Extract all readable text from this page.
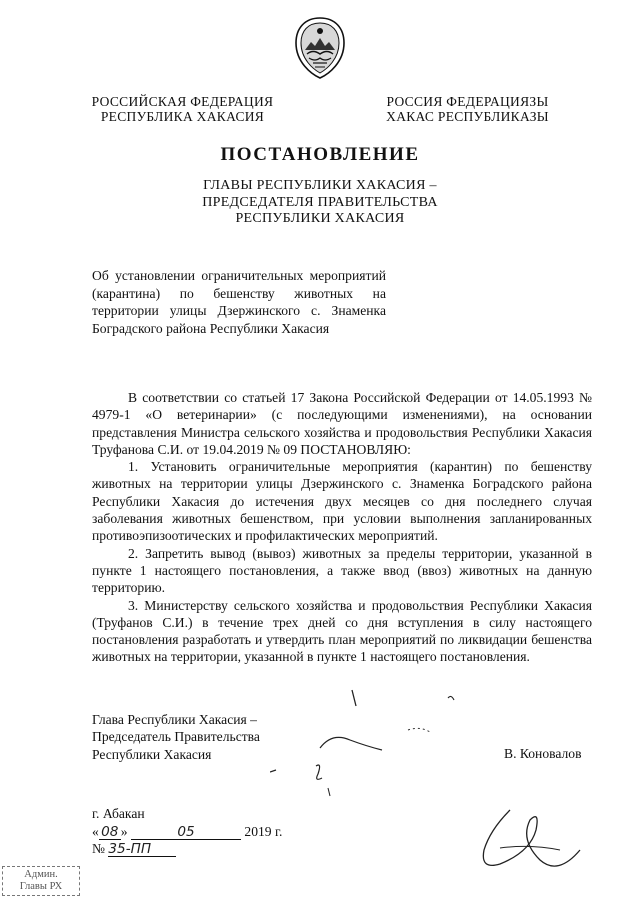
РОССИЙСКАЯ ФЕДЕРАЦИЯ
РЕСПУБЛИКА ХАКАСИЯ
РОССИЯ ФЕДЕРАЦИЯЗЫ
ХАКАС РЕСПУБЛИКАЗЫ
ПОСТАНОВЛЕНИЕ
ГЛАВЫ РЕСПУБЛИКИ ХАКАСИЯ –
ПРЕДСЕДАТЕЛЯ ПРАВИТЕЛЬСТВА
РЕСПУБЛИКИ ХАКАСИЯ

Об установлении ограничительных мероприятий (карантина) по бешенству животных на территории улицы Дзержинского с. Знаменка Боградского района Республики Хакасия

В соответствии со статьей 17 Закона Российской Федерации от 14.05.1993 № 4979-1 «О ветеринарии» (с последующими изменениями), на основании представления Министра сельского хозяйства и продовольствия Республики Хакасия Труфанова С.И. от 19.04.2019 № 09 ПОСТАНОВЛЯЮ:

1. Установить ограничительные мероприятия (карантин) по бешенству животных на территории улицы Дзержинского с. Знаменка Боградского района Республики Хакасия до истечения двух месяцев со дня последнего случая заболевания животных бешенством, при условии выполнения запланированных противоэпизоотических и профилактических мероприятий.

2. Запретить вывод (вывоз) животных за пределы территории, указанной в пункте 1 настоящего постановления, а также ввод (ввоз) животных на данную территорию.

3. Министерству сельского хозяйства и продовольствия Республики Хакасия (Труфанов С.И.) в течение трех дней со дня вступления в силу настоящего постановления разработать и утвердить план мероприятий по ликвидации бешенства животных на территории, указанной в пункте 1 настоящего постановления.

Глава Республики Хакасия –
Председатель Правительства
Республики Хакасия	В. Коновалов
г. Абакан
« 08 »	05	2019 г.
№ 35-ПП
Админ.
Главы РХ
